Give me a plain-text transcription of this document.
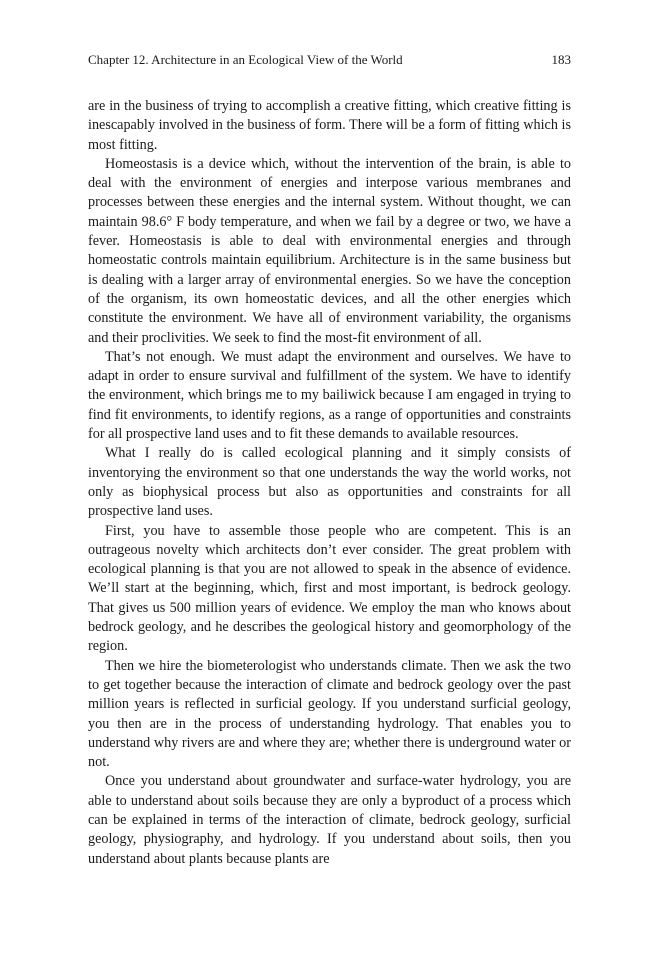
Chapter 12. Architecture in an Ecological View of the World	183

are in the business of trying to accomplish a creative fitting, which creative fitting is inescapably involved in the business of form. There will be a form of fitting which is most fitting.

Homeostasis is a device which, without the intervention of the brain, is able to deal with the environment of energies and interpose various membranes and processes between these energies and the internal system. Without thought, we can maintain 98.6° F body temperature, and when we fail by a degree or two, we have a fever. Homeostasis is able to deal with environmental energies and through homeostatic controls maintain equilibrium. Architecture is in the same business but is dealing with a larger array of environmental energies. So we have the conception of the organism, its own homeostatic devices, and all the other energies which constitute the environment. We have all of environment variability, the organisms and their proclivities. We seek to find the most-fit environment of all.

That’s not enough. We must adapt the environment and ourselves. We have to adapt in order to ensure survival and fulfillment of the system. We have to identify the environment, which brings me to my bailiwick because I am engaged in trying to find fit environments, to identify regions, as a range of opportunities and constraints for all prospective land uses and to fit these demands to available resources.

What I really do is called ecological planning and it simply consists of inventorying the environment so that one understands the way the world works, not only as biophysical process but also as opportunities and constraints for all prospective land uses.

First, you have to assemble those people who are competent. This is an outrageous novelty which architects don’t ever consider. The great problem with ecological planning is that you are not allowed to speak in the absence of evidence. We’ll start at the beginning, which, first and most important, is bedrock geology. That gives us 500 million years of evidence. We employ the man who knows about bedrock geology, and he describes the geological history and geomorphology of the region.

Then we hire the biometerologist who understands climate. Then we ask the two to get together because the interaction of climate and bedrock geology over the past million years is reflected in surficial geology. If you understand surficial geology, you then are in the process of understanding hydrology. That enables you to understand why rivers are and where they are; whether there is underground water or not.

Once you understand about groundwater and surface-water hydrology, you are able to understand about soils because they are only a byproduct of a process which can be explained in terms of the interaction of climate, bedrock geology, surficial geology, physiography, and hydrology. If you understand about soils, then you understand about plants because plants are
